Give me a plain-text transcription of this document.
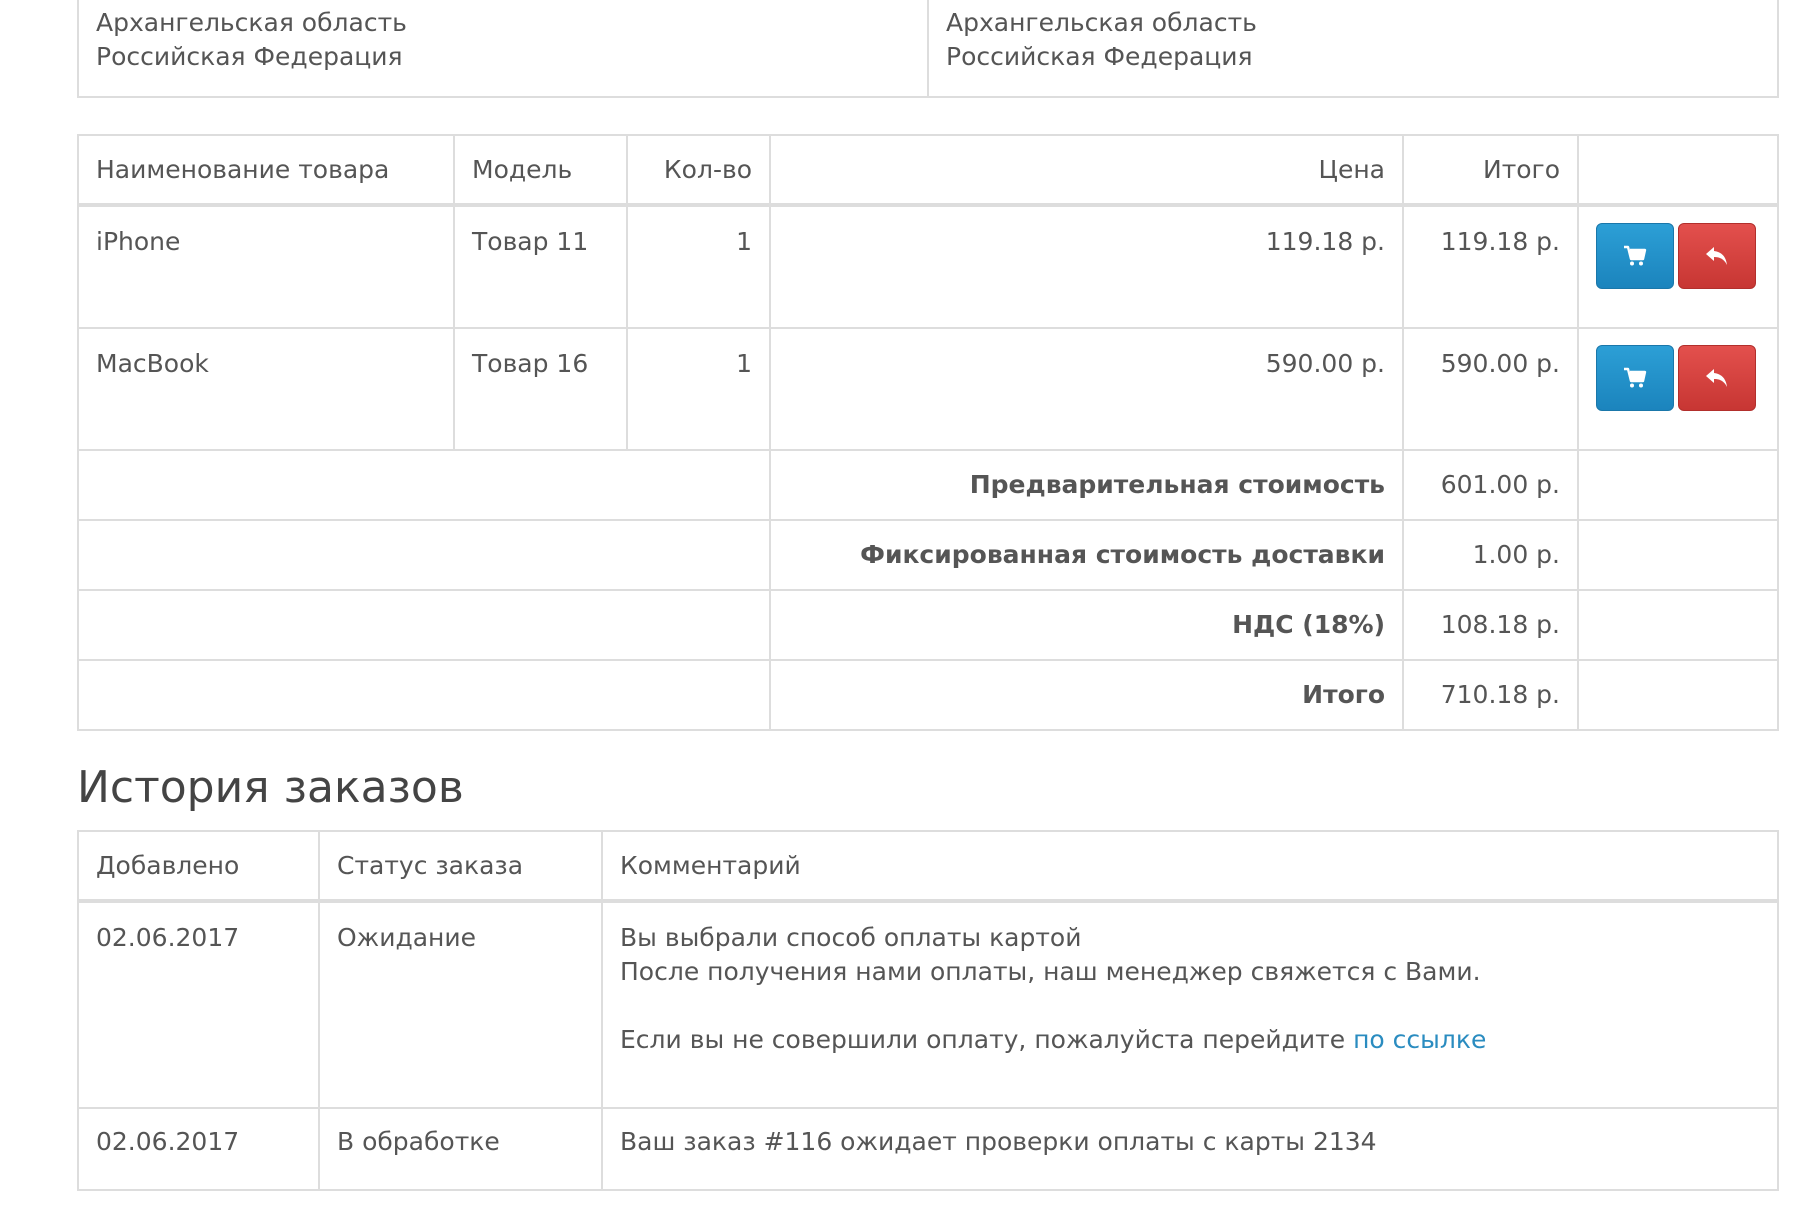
Архангельская область
Российская Федерация

Архангельская область
Российская Федерация
Наименование товара	Модель	Кол-во	Цена	Итого	
iPhone	Товар 11	1	119.18 р.	119.18 р.	

MacBook	Товар 16	1	590.00 р.	590.00 р.	

			Предварительная стоимость	601.00 р.	
			Фиксированная стоимость доставки	1.00 р.	
			НДС (18%)	108.18 р.	
			Итого	710.18 р.	
История заказов
Добавлено	Статус заказа	Комментарий
02.06.2017	Ожидание	Вы выбрали способ оплаты картой
После получения нами оплаты, наш менеджер свяжется с Вами.
Если вы не совершили оплату, пожалуйста перейдите по ссылке

02.06.2017	В обработке	Ваш заказ #116 ожидает проверки оплаты с карты 2134
